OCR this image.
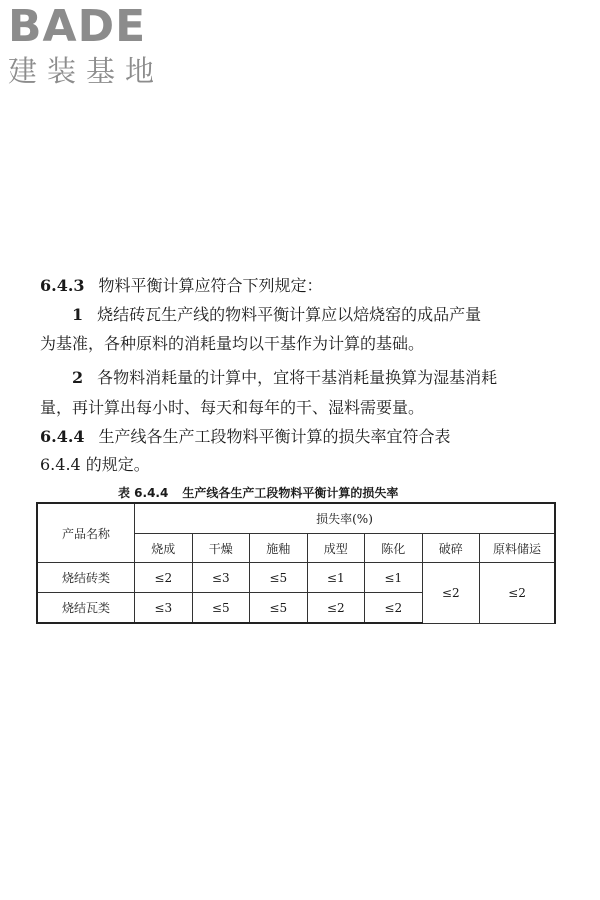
BADE
建装基地
6.4.3 物料平衡计算应符合下列规定：
1 烧结砖瓦生产线的物料平衡计算应以焙烧窑的成品产量
为基准，各种原料的消耗量均以干基作为计算的基础。
2 各物料消耗量的计算中，宜将干基消耗量换算为湿基消耗
量，再计算出每小时、每天和每年的干、湿料需要量。
6.4.4 生产线各生产工段物料平衡计算的损失率宜符合表
6.4.4 的规定。
表 6.4.4 生产线各生产工段物料平衡计算的损失率
产品名称	损失率(%)						
	烧成	干燥	施釉	成型	陈化	破碎	原料储运
烧结砖类	≤2	≤3	≤5	≤1	≤1	≤2	≤2
烧结瓦类	≤3	≤5	≤5	≤2	≤2		
